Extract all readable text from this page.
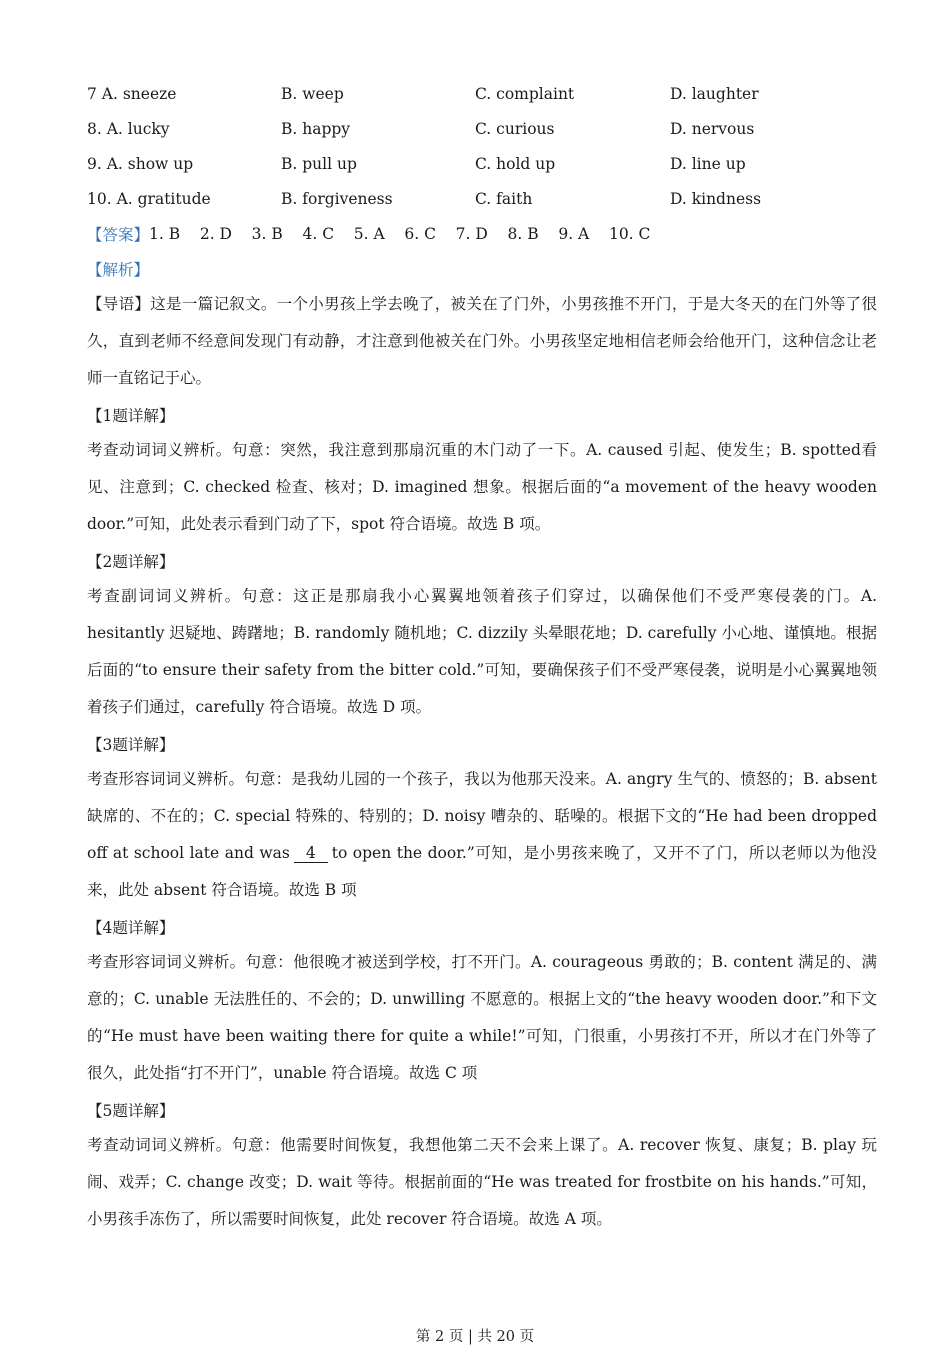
7 A. sneeze	B. weep	C. complaint	D. laughter
8. A. lucky	B. happy	C. curious	D. nervous
9. A. show up	B. pull up	C. hold up	D. line up
10. A. gratitude	B. forgiveness	C. faith	D. kindness
【答案】 1. B    2. D    3. B    4. C    5. A    6. C    7. D    8. B    9. A    10. C
【解析】

【导语】这是一篇记叙文。一个小男孩上学去晚了，被关在了门外，小男孩推不开门，于是大冬天的在门外等了很久，直到老师不经意间发现门有动静，才注意到他被关在门外。小男孩坚定地相信老师会给他开门，这种信念让老师一直铭记于心。

【1题详解】

考查动词词义辨析。句意：突然，我注意到那扇沉重的木门动了一下。A. caused 引起、使发生；B. spotted看见、注意到；C. checked 检查、核对；D. imagined 想象。根据后面的“a movement of the heavy wooden door.”可知，此处表示看到门动了下，spot 符合语境。故选 B 项。

【2题详解】

考查副词词义辨析。句意：这正是那扇我小心翼翼地领着孩子们穿过，以确保他们不受严寒侵袭的门。A. hesitantly 迟疑地、踌躇地；B. randomly 随机地；C. dizzily 头晕眼花地；D. carefully 小心地、谨慎地。根据后面的“to ensure their safety from the bitter cold.”可知，要确保孩子们不受严寒侵袭，说明是小心翼翼地领着孩子们通过，carefully 符合语境。故选 D 项。

【3题详解】

考查形容词词义辨析。句意：是我幼儿园的一个孩子，我以为他那天没来。A. angry 生气的、愤怒的；B. absent 缺席的、不在的；C. special 特殊的、特别的；D. noisy 嘈杂的、聒噪的。根据下文的“He had been dropped off at school late and was 4 to open the door.”可知，是小男孩来晚了，又开不了门，所以老师以为他没来，此处 absent 符合语境。故选 B 项

【4题详解】

考查形容词词义辨析。句意：他很晚才被送到学校，打不开门。A. courageous 勇敢的；B. content 满足的、满意的；C. unable 无法胜任的、不会的；D. unwilling 不愿意的。根据上文的“the heavy wooden door.”和下文的“He must have been waiting there for quite a while!”可知，门很重，小男孩打不开，所以才在门外等了很久，此处指“打不开门”，unable 符合语境。故选 C 项

【5题详解】

考查动词词义辨析。句意：他需要时间恢复，我想他第二天不会来上课了。A. recover 恢复、康复；B. play 玩闹、戏弄；C. change 改变；D. wait 等待。根据前面的“He was treated for frostbite on his hands.”可知，小男孩手冻伤了，所以需要时间恢复，此处 recover 符合语境。故选 A 项。

第 2 页 | 共 20 页
